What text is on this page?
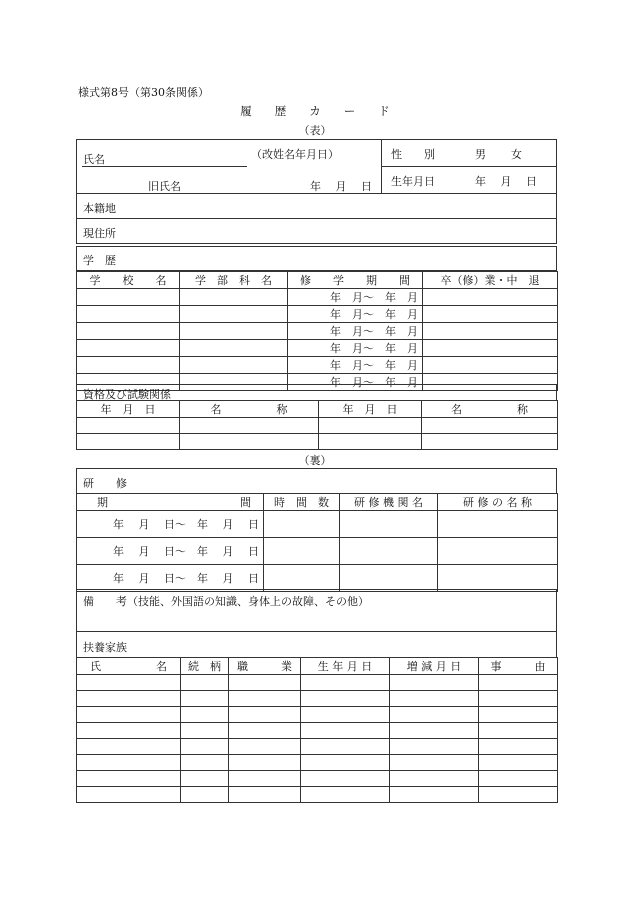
様式第8号（第30条関係）
履　　歴　　カ　　ー　　ド
（表）
氏名	（改姓名年月日）	性　　別	男 女
旧氏名	年　 月　 日 生年月日	年　 月　 日
本籍地
現住所
学　歴
学　　校　　名	学　部　科　名	修　　学　　期　　間	卒（修）業・中　退
		年　月～　年　月	
		年　月～　年　月	
		年　月～　年　月	
		年　月～　年　月	
		年　月～　年　月	
		年　月～　年　月	
資格及び試験関係
年　月　日	名　　　　　称	年　月　日	名　　　　　称

（裏）
研　　修
期 間	時　間　数	研 修 機 関 名	研 修 の 名 称
年　 月　 日～　年　 月　 日			
年　 月　 日～　年　 月　 日			
年　 月　 日～　年　 月　 日			
備　　考（技能、外国語の知識、身体上の故障、その他）
扶養家族
氏　　　　　名	続　柄	職　　　業	生 年 月 日	増 減 月 日	事　　　由
